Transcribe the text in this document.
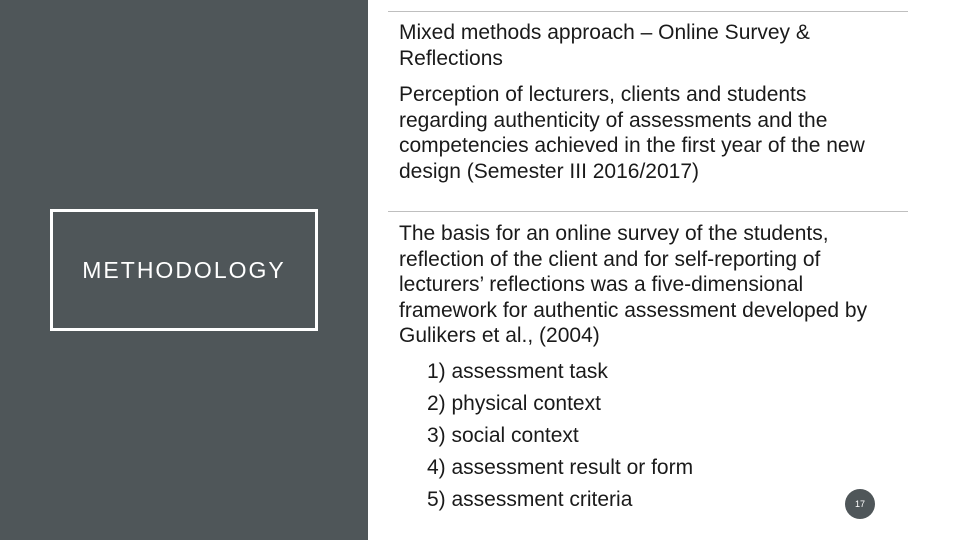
METHODOLOGY

Mixed methods approach – Online Survey & Reflections

Perception of lecturers, clients and students regarding authenticity of assessments and the competencies achieved in the first year of the new design (Semester III 2016/2017)

The basis for an online survey of the students, reflection of the client and for self-reporting of lecturers’ reflections was a five-dimensional framework for authentic assessment developed by Gulikers et al., (2004)

1) assessment task
2) physical context
3) social context
4) assessment result or form
5) assessment criteria	17
